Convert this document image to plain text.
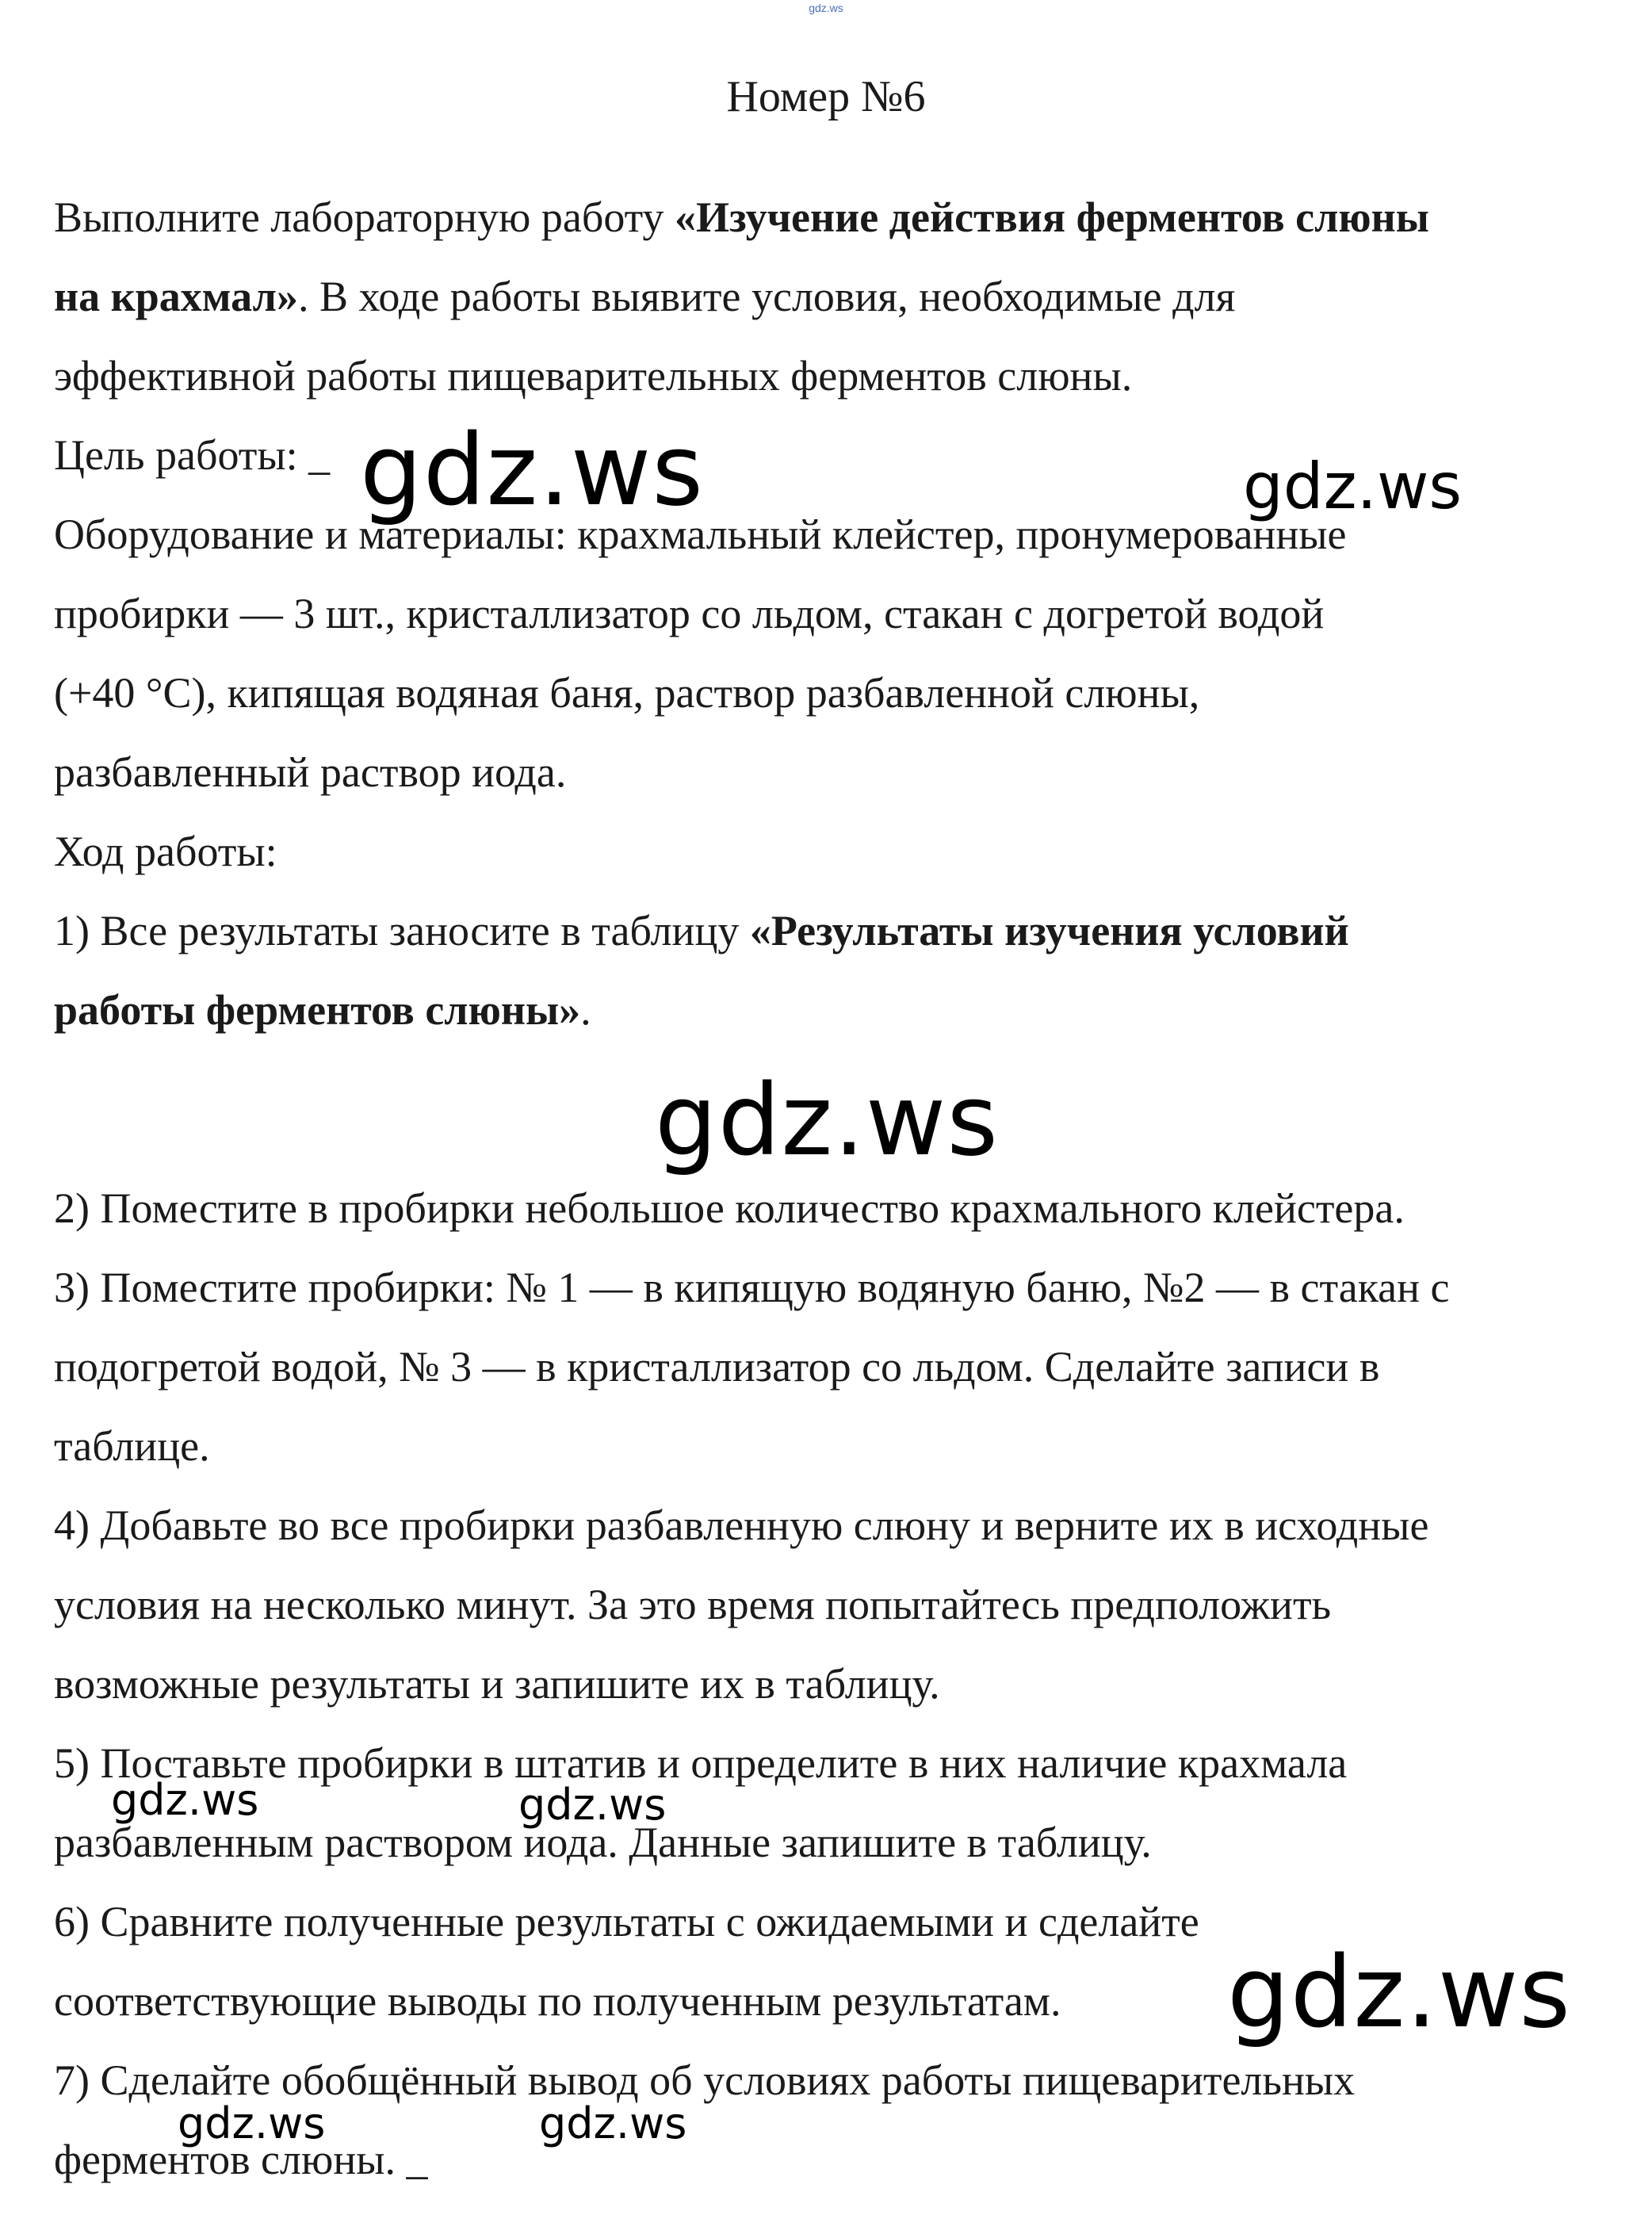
gdz.ws
Номер №6
Выполните лабораторную работу «Изучение действия ферментов слюны
на крахмал». В ходе работы выявите условия, необходимые для
эффективной работы пищеварительных ферментов слюны.
Цель работы: _
Оборудование и материалы: крахмальный клейстер, пронумерованные
пробирки — 3 шт., кристаллизатор со льдом, стакан с догретой водой
(+40 °С), кипящая водяная баня, раствор разбавленной слюны,
разбавленный раствор иода.
Ход работы:
1) Все результаты заносите в таблицу «Результаты изучения условий
работы ферментов слюны».
2) Поместите в пробирки небольшое количество крахмального клейстера.
3) Поместите пробирки: № 1 — в кипящую водяную баню, №2 — в стакан с
подогретой водой, № 3 — в кристаллизатор со льдом. Сделайте записи в
таблице.
4) Добавьте во все пробирки разбавленную слюну и верните их в исходные
условия на несколько минут. За это время попытайтесь предположить
возможные результаты и запишите их в таблицу.
5) Поставьте пробирки в штатив и определите в них наличие крахмала
разбавленным раствором иода. Данные запишите в таблицу.
6) Сравните полученные результаты с ожидаемыми и сделайте
соответствующие выводы по полученным результатам.
7) Сделайте обобщённый вывод об условиях работы пищеварительных
ферментов слюны. _
gdz.ws	gdz.ws
gdz.ws
gdz.ws	gdz.ws
gdz.ws
gdz.ws	gdz.ws
